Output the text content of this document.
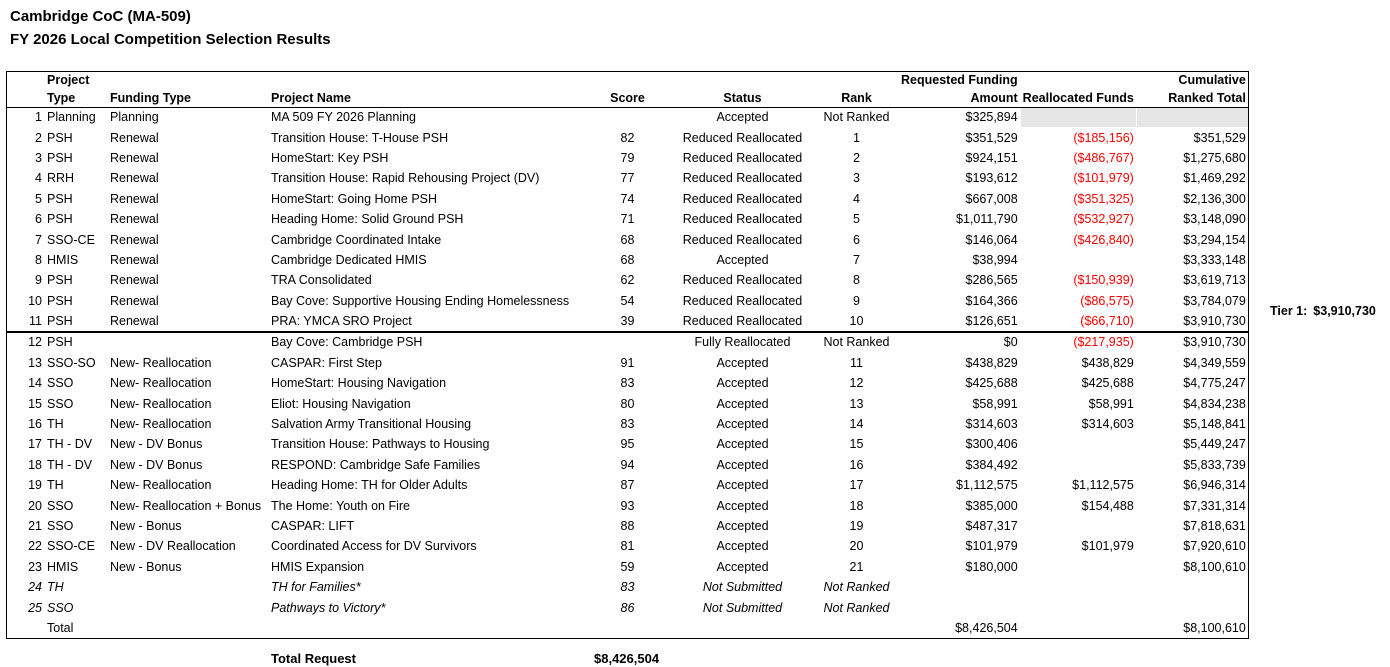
Cambridge CoC (MA-509)
FY 2026 Local Competition Selection Results
	Project						Requested Funding		Cumulative
	Type	Funding Type	Project Name	Score	Status	Rank	Amount	Reallocated Funds	Ranked Total
1	Planning	Planning	MA 509 FY 2026 Planning		Accepted	Not Ranked	$325,894		
2	PSH	Renewal	Transition House: T-House PSH	82	Reduced Reallocated	1	$351,529	($185,156)	$351,529
3	PSH	Renewal	HomeStart: Key PSH	79	Reduced Reallocated	2	$924,151	($486,767)	$1,275,680
4	RRH	Renewal	Transition House: Rapid Rehousing Project (DV)	77	Reduced Reallocated	3	$193,612	($101,979)	$1,469,292
5	PSH	Renewal	HomeStart: Going Home PSH	74	Reduced Reallocated	4	$667,008	($351,325)	$2,136,300
6	PSH	Renewal	Heading Home: Solid Ground PSH	71	Reduced Reallocated	5	$1,011,790	($532,927)	$3,148,090
7	SSO-CE	Renewal	Cambridge Coordinated Intake	68	Reduced Reallocated	6	$146,064	($426,840)	$3,294,154
8	HMIS	Renewal	Cambridge Dedicated HMIS	68	Accepted	7	$38,994		$3,333,148
9	PSH	Renewal	TRA Consolidated	62	Reduced Reallocated	8	$286,565	($150,939)	$3,619,713
10	PSH	Renewal	Bay Cove: Supportive Housing Ending Homelessness	54	Reduced Reallocated	9	$164,366	($86,575)	$3,784,079
11	PSH	Renewal	PRA: YMCA SRO Project	39	Reduced Reallocated	10	$126,651	($66,710)	$3,910,730
12	PSH		Bay Cove: Cambridge PSH		Fully Reallocated	Not Ranked	$0	($217,935)	$3,910,730
13	SSO-SO	New- Reallocation	CASPAR: First Step	91	Accepted	11	$438,829	$438,829	$4,349,559
14	SSO	New- Reallocation	HomeStart: Housing Navigation	83	Accepted	12	$425,688	$425,688	$4,775,247
15	SSO	New- Reallocation	Eliot: Housing Navigation	80	Accepted	13	$58,991	$58,991	$4,834,238
16	TH	New- Reallocation	Salvation Army Transitional Housing	83	Accepted	14	$314,603	$314,603	$5,148,841
17	TH - DV	New - DV Bonus	Transition House: Pathways to Housing	95	Accepted	15	$300,406		$5,449,247
18	TH - DV	New - DV Bonus	RESPOND: Cambridge Safe Families	94	Accepted	16	$384,492		$5,833,739
19	TH	New- Reallocation	Heading Home: TH for Older Adults	87	Accepted	17	$1,112,575	$1,112,575	$6,946,314
20	SSO	New- Reallocation + Bonus	The Home: Youth on Fire	93	Accepted	18	$385,000	$154,488	$7,331,314
21	SSO	New - Bonus	CASPAR: LIFT	88	Accepted	19	$487,317		$7,818,631
22	SSO-CE	New - DV Reallocation	Coordinated Access for DV Survivors	81	Accepted	20	$101,979	$101,979	$7,920,610
23	HMIS	New - Bonus	HMIS Expansion	59	Accepted	21	$180,000		$8,100,610
24	TH		TH for Families*	83	Not Submitted	Not Ranked			
25	SSO		Pathways to Victory*	86	Not Submitted	Not Ranked			
	Total						$8,426,504		$8,100,610
Tier 1: $3,910,730
Total Request	$8,426,504
